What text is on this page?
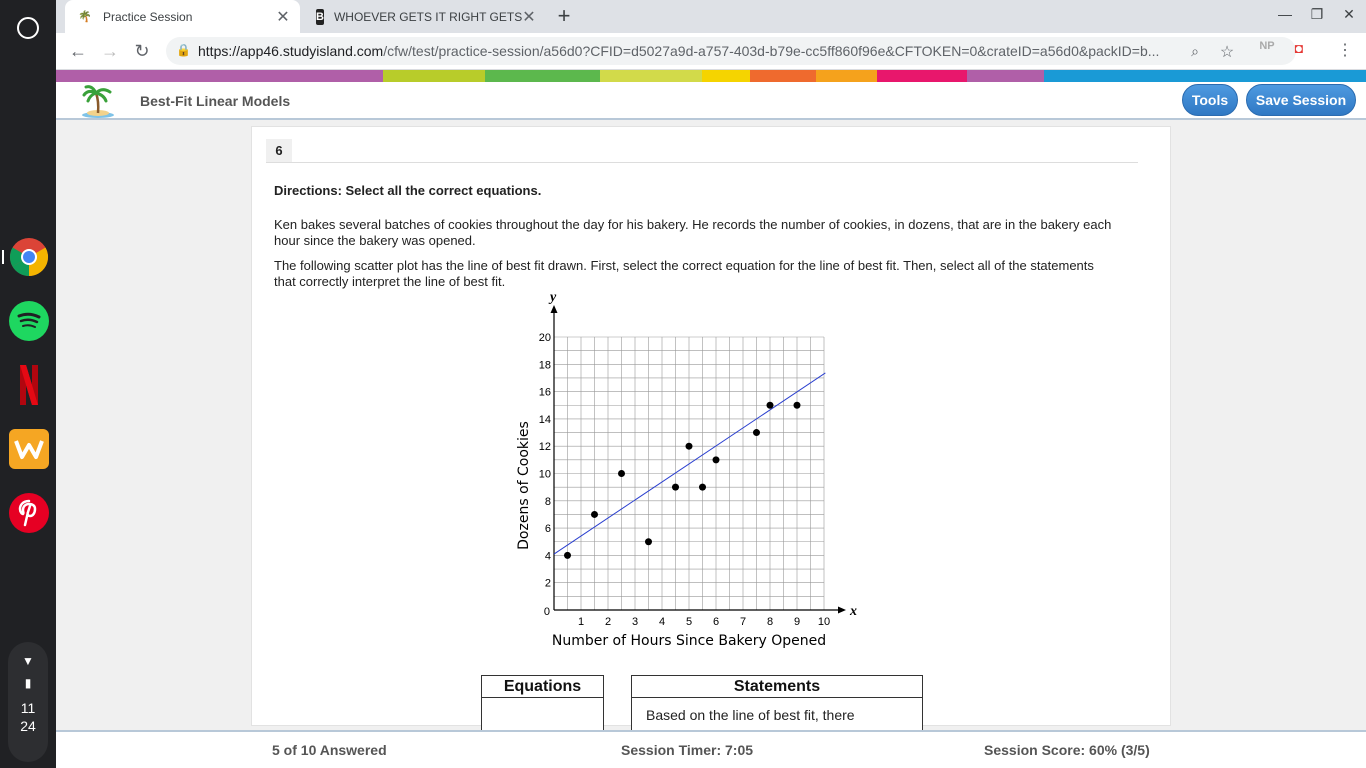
▼
▮
11
24
🌴 Practice Session	✕	B WHOEVER GETS IT RIGHT GETS ✕ +	—	❐	✕
← → ↻	🔒 https://app46.studyisland.com/cfw/test/practice-session/a56d0?CFID=d5027a9d-a757-403d-b79e-cc5ff860f96e&CFTOKEN=0&crateID=a56d0&packID=b...	⌕	☆	NP	◘	⋮
Best-Fit Linear Models	Tools Save Session
6
Directions: Select all the correct equations.
Ken bakes several batches of cookies throughout the day for his bakery. He records the number of cookies, in dozens, that are in the bakery each hour since the bakery was opened.
The following scatter plot has the line of best fit drawn. First, select the correct equation for the line of best fit. Then, select all of the statements that correctly interpret the line of best fit.
x
y
0
1 2 3 4 5 6 7 8 9 10
2
4
6
8
10
12
14
16
18
20
Number of Hours Since Bakery Opened
Dozens of Cookies
Equations	Statements
Based on the line of best fit, there
5 of 10 Answered	Session Timer: 7:05	Session Score: 60% (3/5)
